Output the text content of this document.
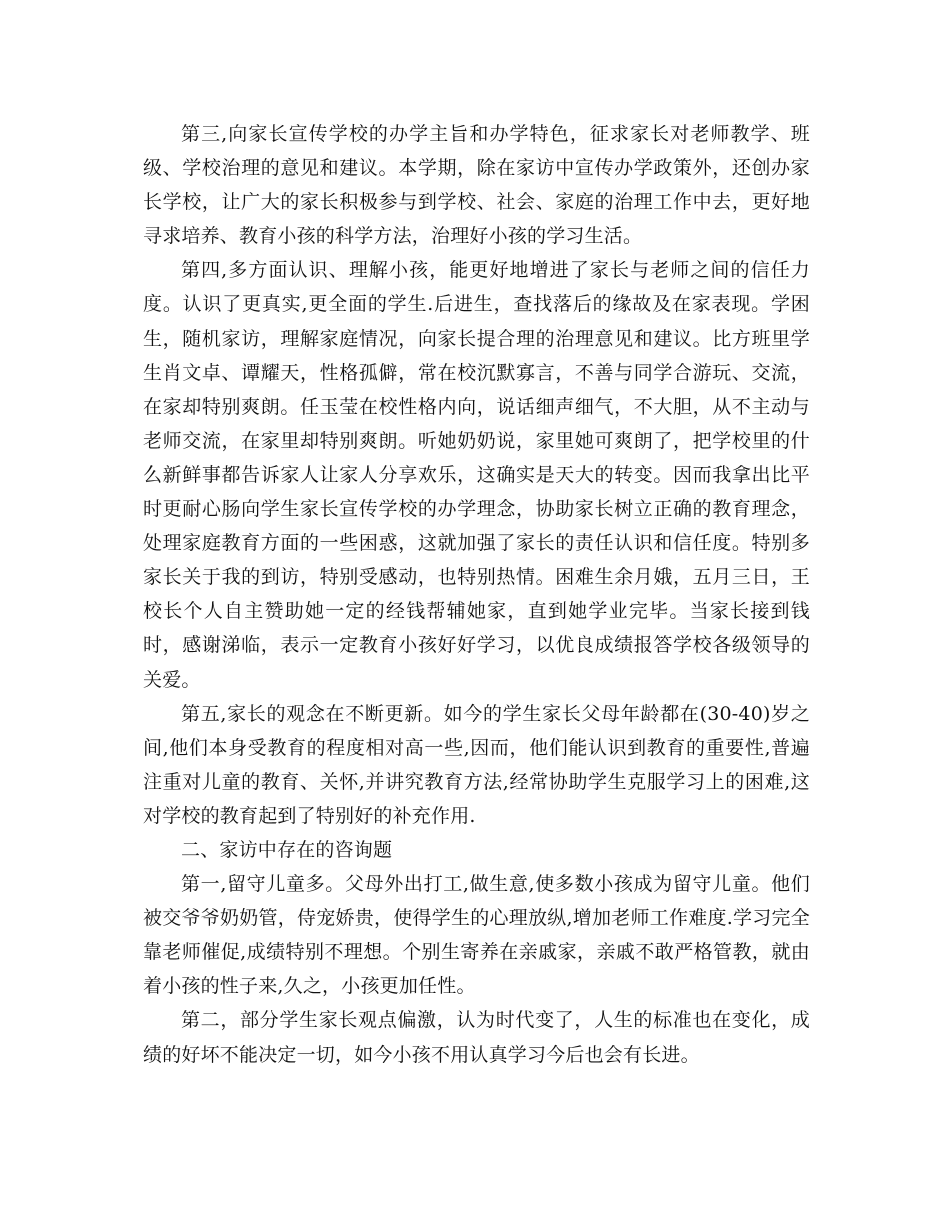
第三,向家长宣传学校的办学主旨和办学特色，征求家长对老师教学、班级、学校治理的意见和建议。本学期，除在家访中宣传办学政策外，还创办家长学校，让广大的家长积极参与到学校、社会、家庭的治理工作中去，更好地寻求培养、教育小孩的科学方法，治理好小孩的学习生活。

第四,多方面认识、理解小孩，能更好地增进了家长与老师之间的信任力度。认识了更真实,更全面的学生.后进生，查找落后的缘故及在家表现。学困生，随机家访，理解家庭情况，向家长提合理的治理意见和建议。比方班里学生肖文卓、谭耀天，性格孤僻，常在校沉默寡言，不善与同学合游玩、交流，在家却特别爽朗。任玉莹在校性格内向，说话细声细气，不大胆，从不主动与老师交流，在家里却特别爽朗。听她奶奶说，家里她可爽朗了，把学校里的什么新鲜事都告诉家人让家人分享欢乐，这确实是天大的转变。因而我拿出比平时更耐心肠向学生家长宣传学校的办学理念，协助家长树立正确的教育理念，处理家庭教育方面的一些困惑，这就加强了家长的责任认识和信任度。特别多家长关于我的到访，特别受感动，也特别热情。困难生余月娥，五月三日，王校长个人自主赞助她一定的经钱帮辅她家，直到她学业完毕。当家长接到钱时，感谢涕临，表示一定教育小孩好好学习，以优良成绩报答学校各级领导的关爱。

第五,家长的观念在不断更新。如今的学生家长父母年龄都在(30-40)岁之间,他们本身受教育的程度相对高一些,因而，他们能认识到教育的重要性,普遍注重对儿童的教育、关怀,并讲究教育方法,经常协助学生克服学习上的困难,这对学校的教育起到了特别好的补充作用.

二、家访中存在的咨询题

第一,留守儿童多。父母外出打工,做生意,使多数小孩成为留守儿童。他们被交爷爷奶奶管，侍宠娇贵，使得学生的心理放纵,增加老师工作难度.学习完全靠老师催促,成绩特别不理想。个别生寄养在亲戚家，亲戚不敢严格管教，就由着小孩的性子来,久之，小孩更加任性。

第二，部分学生家长观点偏激，认为时代变了，人生的标准也在变化，成绩的好坏不能决定一切，如今小孩不用认真学习今后也会有长进。
